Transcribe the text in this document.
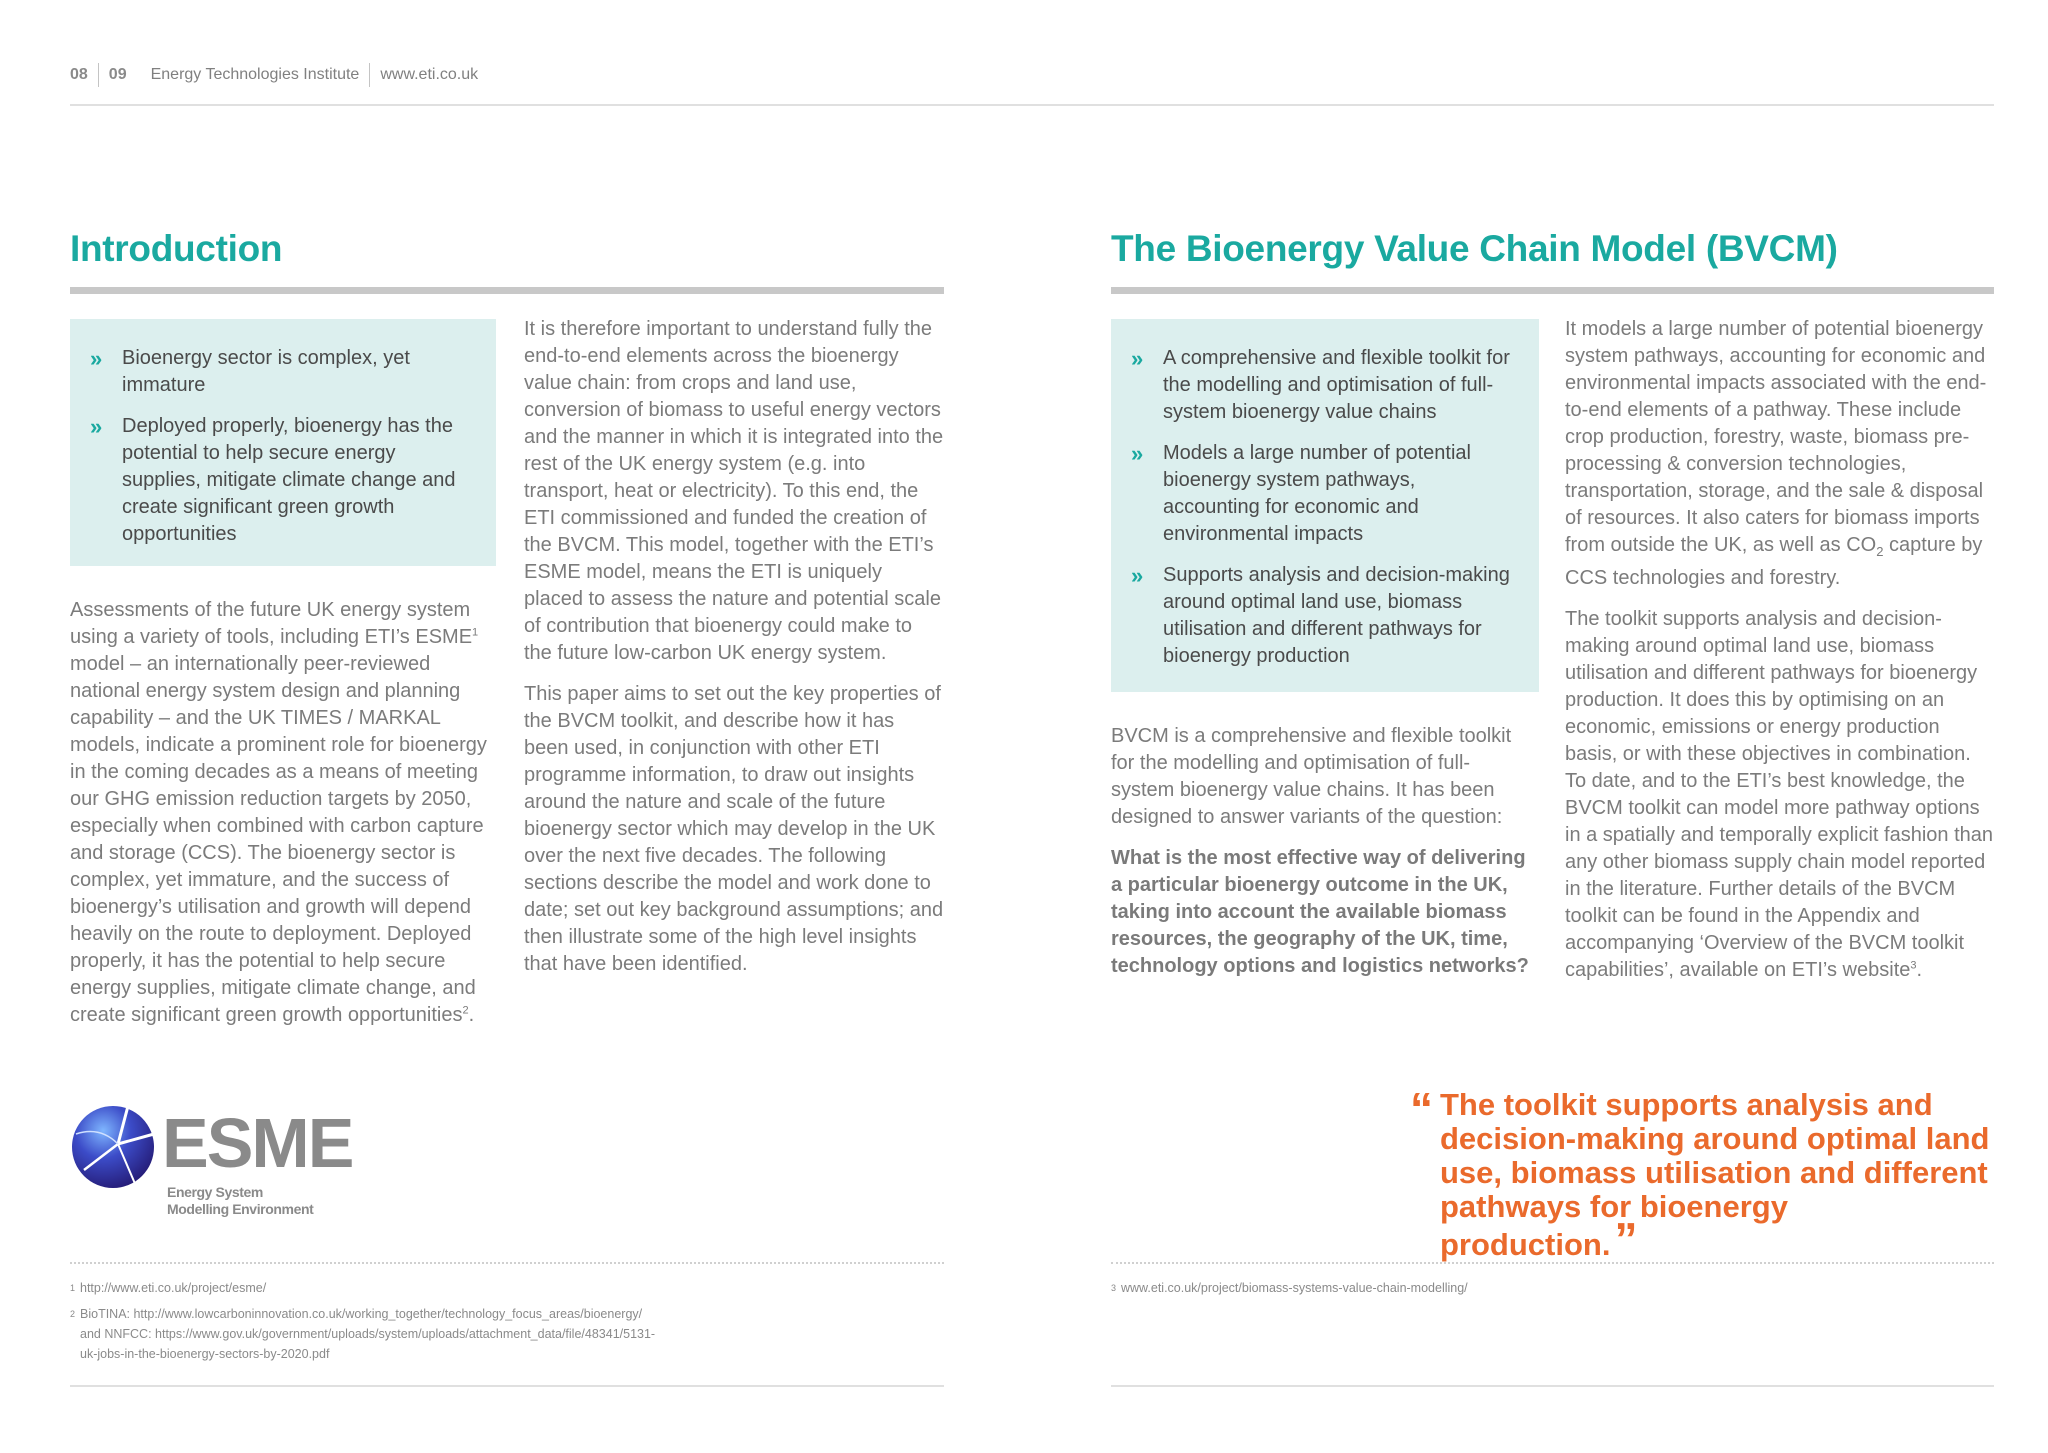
08 09 Energy Technologies Institute www.eti.co.uk
Introduction
» Bioenergy sector is complex, yet immature
» Deployed properly, bioenergy has the potential to help secure energy supplies, mitigate climate change and create significant green growth opportunities

Assessments of the future UK energy system using a variety of tools, including ETI’s ESME$^1$ model – an internationally peer-reviewed national energy system design and planning capability – and the UK TIMES / MARKAL models, indicate a prominent role for bioenergy in the coming decades as a means of meeting our GHG emission reduction targets by 2050, especially when combined with carbon capture and storage (CCS). The bioenergy sector is complex, yet immature, and the success of bioenergy’s utilisation and growth will depend heavily on the route to deployment. Deployed properly, it has the potential to help secure energy supplies, mitigate climate change, and create significant green growth opportunities$^2$.

It is therefore important to understand fully the end-to-end elements across the bioenergy value chain: from crops and land use, conversion of biomass to useful energy vectors and the manner in which it is integrated into the rest of the UK energy system (e.g. into transport, heat or electricity). To this end, the ETI commissioned and funded the creation of the BVCM. This model, together with the ETI’s ESME model, means the ETI is uniquely placed to assess the nature and potential scale of contribution that bioenergy could make to the future low-carbon UK energy system.

This paper aims to set out the key properties of the BVCM toolkit, and describe how it has been used, in conjunction with other ETI programme information, to draw out insights around the nature and scale of the future bioenergy sector which may develop in the UK over the next five decades. The following sections describe the model and work done to date; set out key background assumptions; and then illustrate some of the high level insights that have been identified.

ESME
Energy System
Modelling Environment
1 http://www.eti.co.uk/project/esme/
2 BioTINA: http://www.lowcarboninnovation.co.uk/working_together/technology_focus_areas/bioenergy/
and NNFCC: https://www.gov.uk/government/uploads/system/uploads/attachment_data/file/48341/5131-
uk-jobs-in-the-bioenergy-sectors-by-2020.pdf
The Bioenergy Value Chain Model (BVCM)
» A comprehensive and flexible toolkit for the modelling and optimisation of full-system bioenergy value chains
» Models a large number of potential bioenergy system pathways, accounting for economic and environmental impacts
» Supports analysis and decision-making around optimal land use, biomass utilisation and different pathways for bioenergy production

BVCM is a comprehensive and flexible toolkit for the modelling and optimisation of full-system bioenergy value chains. It has been designed to answer variants of the question:

What is the most effective way of delivering a particular bioenergy outcome in the UK, taking into account the available biomass resources, the geography of the UK, time, technology options and logistics networks?

It models a large number of potential bioenergy system pathways, accounting for economic and environmental impacts associated with the end-to-end elements of a pathway. These include crop production, forestry, waste, biomass pre-processing & conversion technologies, transportation, storage, and the sale & disposal of resources. It also caters for biomass imports from outside the UK, as well as $CO_2$ capture by CCS technologies and forestry.

The toolkit supports analysis and decision-making around optimal land use, biomass utilisation and different pathways for bioenergy production. It does this by optimising on an economic, emissions or energy production basis, or with these objectives in combination. To date, and to the ETI’s best knowledge, the BVCM toolkit can model more pathway options in a spatially and temporally explicit fashion than any other biomass supply chain model reported in the literature. Further details of the BVCM toolkit can be found in the Appendix and accompanying ‘Overview of the BVCM toolkit capabilities’, available on ETI’s website$^3$.

“ The toolkit supports analysis and decision-making around optimal land use, biomass utilisation and different pathways for bioenergy production.”
3 www.eti.co.uk/project/biomass-systems-value-chain-modelling/
